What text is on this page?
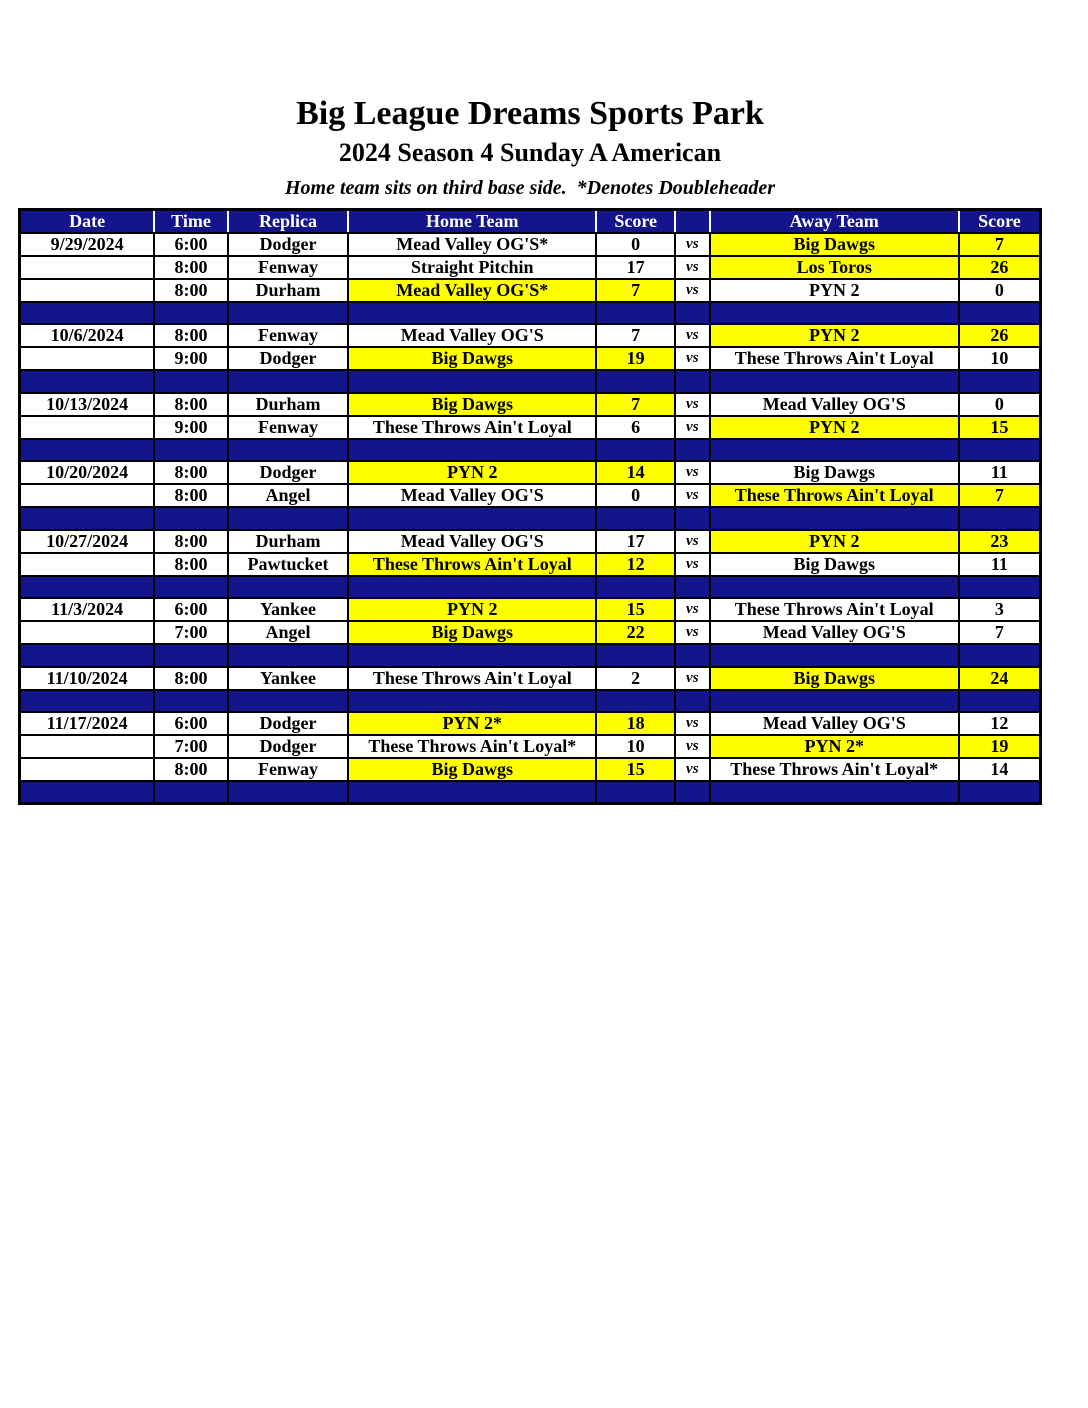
Big League Dreams Sports Park
2024 Season 4 Sunday A American
Home team sits on third base side.  *Denotes Doubleheader
Date	Time	Replica	Home Team	Score		Away Team	Score
9/29/2024	6:00	Dodger	Mead Valley OG'S*	0	vs	Big Dawgs	7
	8:00	Fenway	Straight Pitchin	17	vs	Los Toros	26
	8:00	Durham	Mead Valley OG'S*	7	vs	PYN 2	0

10/6/2024	8:00	Fenway	Mead Valley OG'S	7	vs	PYN 2	26
	9:00	Dodger	Big Dawgs	19	vs	These Throws Ain't Loyal	10

10/13/2024	8:00	Durham	Big Dawgs	7	vs	Mead Valley OG'S	0
	9:00	Fenway	These Throws Ain't Loyal	6	vs	PYN 2	15

10/20/2024	8:00	Dodger	PYN 2	14	vs	Big Dawgs	11
	8:00	Angel	Mead Valley OG'S	0	vs	These Throws Ain't Loyal	7

10/27/2024	8:00	Durham	Mead Valley OG'S	17	vs	PYN 2	23
	8:00	Pawtucket	These Throws Ain't Loyal	12	vs	Big Dawgs	11

11/3/2024	6:00	Yankee	PYN 2	15	vs	These Throws Ain't Loyal	3
	7:00	Angel	Big Dawgs	22	vs	Mead Valley OG'S	7

11/10/2024	8:00	Yankee	These Throws Ain't Loyal	2	vs	Big Dawgs	24

11/17/2024	6:00	Dodger	PYN 2*	18	vs	Mead Valley OG'S	12
	7:00	Dodger	These Throws Ain't Loyal*	10	vs	PYN 2*	19
	8:00	Fenway	Big Dawgs	15	vs	These Throws Ain't Loyal*	14
